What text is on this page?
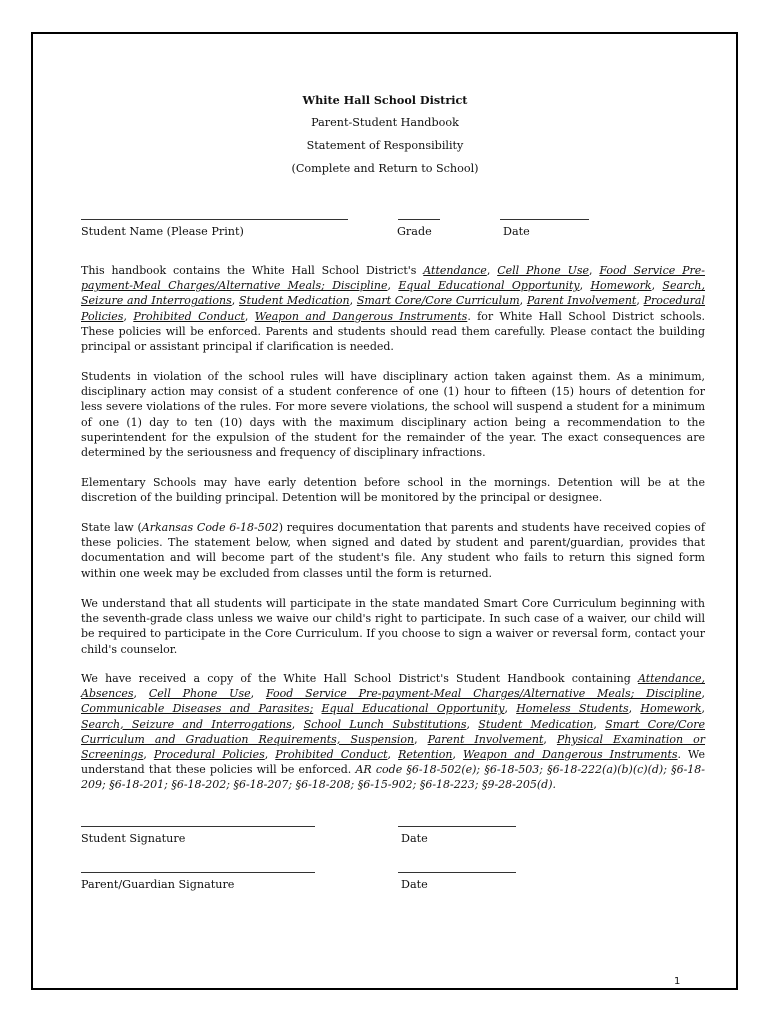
White Hall School District
Parent-Student Handbook
Statement of Responsibility
(Complete and Return to School)
Student Name (Please Print)	Grade	Date
This handbook contains the White Hall School District's Attendance, Cell Phone Use, Food Service Pre-payment-Meal Charges/Alternative Meals; Discipline, Equal Educational Opportunity, Homework, Search, Seizure and Interrogations, Student Medication, Smart Core/Core Curriculum, Parent Involvement, Procedural Policies, Prohibited Conduct, Weapon and Dangerous Instruments. for White Hall School District schools. These policies will be enforced. Parents and students should read them carefully. Please contact the building principal or assistant principal if clarification is needed.
Students in violation of the school rules will have disciplinary action taken against them. As a minimum, disciplinary action may consist of a student conference of one (1) hour to fifteen (15) hours of detention for less severe violations of the rules. For more severe violations, the school will suspend a student for a minimum of one (1) day to ten (10) days with the maximum disciplinary action being a recommendation to the superintendent for the expulsion of the student for the remainder of the year. The exact consequences are determined by the seriousness and frequency of disciplinary infractions.
Elementary Schools may have early detention before school in the mornings. Detention will be at the discretion of the building principal. Detention will be monitored by the principal or designee.
State law (Arkansas Code 6-18-502) requires documentation that parents and students have received copies of these policies. The statement below, when signed and dated by student and parent/guardian, provides that documentation and will become part of the student's file. Any student who fails to return this signed form within one week may be excluded from classes until the form is returned.
We understand that all students will participate in the state mandated Smart Core Curriculum beginning with the seventh-grade class unless we waive our child's right to participate. In such case of a waiver, our child will be required to participate in the Core Curriculum. If you choose to sign a waiver or reversal form, contact your child's counselor.
We have received a copy of the White Hall School District's Student Handbook containing Attendance, Absences, Cell Phone Use, Food Service Pre-payment-Meal Charges/Alternative Meals; Discipline, Communicable Diseases and Parasites; Equal Educational Opportunity, Homeless Students, Homework, Search, Seizure and Interrogations, School Lunch Substitutions, Student Medication, Smart Core/Core Curriculum and Graduation Requirements, Suspension, Parent Involvement, Physical Examination or Screenings, Procedural Policies, Prohibited Conduct, Retention, Weapon and Dangerous Instruments. We understand that these policies will be enforced. AR code §6-18-502(e); §6-18-503; §6-18-222(a)(b)(c)(d); §6-18-209; §6-18-201; §6-18-202; §6-18-207; §6-18-208; §6-15-902; §6-18-223; §9-28-205(d).
Student Signature	Date
Parent/Guardian Signature	Date
1
